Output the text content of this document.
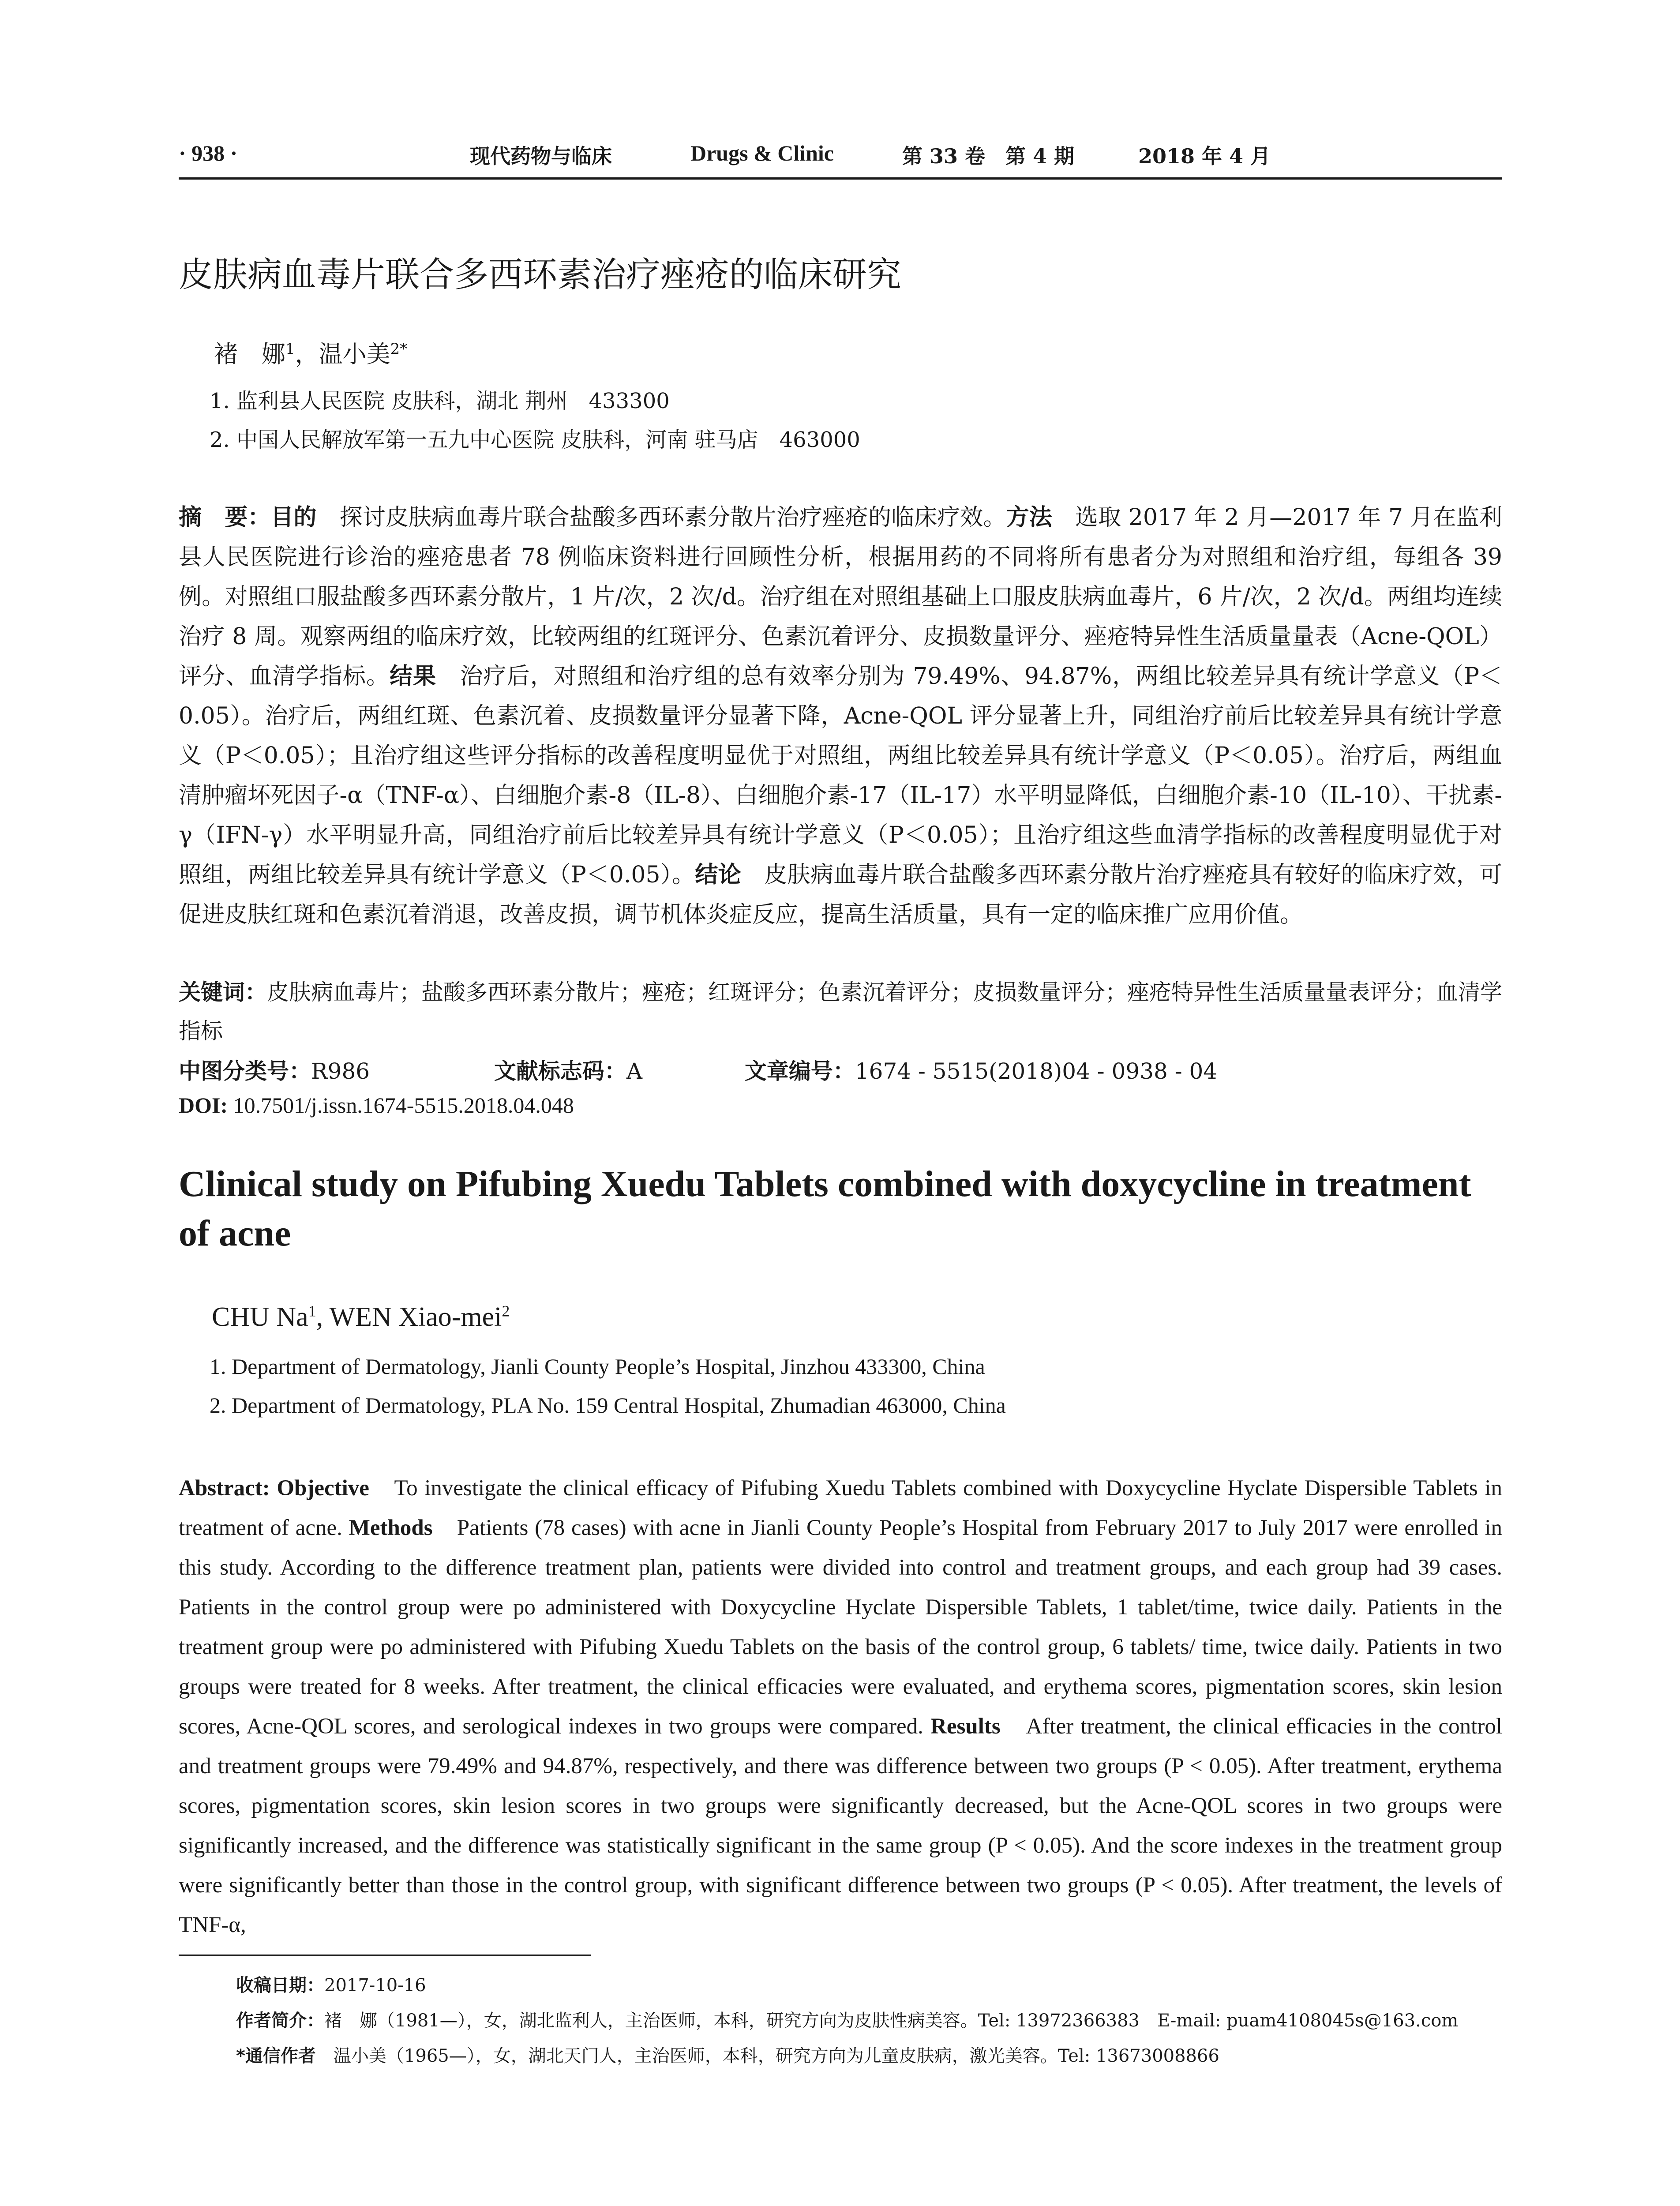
· 938 ·	现代药物与临床	Drugs & Clinic	第 33 卷　第 4 期	2018 年 4 月
皮肤病血毒片联合多西环素治疗痤疮的临床研究
褚　娜$^1$，温小美$^{2*}$
1. 监利县人民医院 皮肤科，湖北 荆州　433300
2. 中国人民解放军第一五九中心医院 皮肤科，河南 驻马店　463000
摘　要：目的　探讨皮肤病血毒片联合盐酸多西环素分散片治疗痤疮的临床疗效。方法　选取 2017 年 2 月—2017 年 7 月在监利县人民医院进行诊治的痤疮患者 78 例临床资料进行回顾性分析，根据用药的不同将所有患者分为对照组和治疗组，每组各 39 例。对照组口服盐酸多西环素分散片，1 片/次，2 次/d。治疗组在对照组基础上口服皮肤病血毒片，6 片/次，2 次/d。两组均连续治疗 8 周。观察两组的临床疗效，比较两组的红斑评分、色素沉着评分、皮损数量评分、痤疮特异性生活质量量表（Acne-QOL）评分、血清学指标。结果　治疗后，对照组和治疗组的总有效率分别为 79.49%、94.87%，两组比较差异具有统计学意义（P＜0.05）。治疗后，两组红斑、色素沉着、皮损数量评分显著下降，Acne-QOL 评分显著上升，同组治疗前后比较差异具有统计学意义（P＜0.05）；且治疗组这些评分指标的改善程度明显优于对照组，两组比较差异具有统计学意义（P＜0.05）。治疗后，两组血清肿瘤坏死因子-α（TNF-α）、白细胞介素-8（IL-8）、白细胞介素-17（IL-17）水平明显降低，白细胞介素-10（IL-10）、干扰素-γ（IFN-γ）水平明显升高，同组治疗前后比较差异具有统计学意义（P＜0.05）；且治疗组这些血清学指标的改善程度明显优于对照组，两组比较差异具有统计学意义（P＜0.05）。结论　皮肤病血毒片联合盐酸多西环素分散片治疗痤疮具有较好的临床疗效，可促进皮肤红斑和色素沉着消退，改善皮损，调节机体炎症反应，提高生活质量，具有一定的临床推广应用价值。
关键词：皮肤病血毒片；盐酸多西环素分散片；痤疮；红斑评分；色素沉着评分；皮损数量评分；痤疮特异性生活质量量表评分；血清学指标
中图分类号：R986	文献标志码：A	文章编号：1674 - 5515(2018)04 - 0938 - 04
DOI: 10.7501/j.issn.1674-5515.2018.04.048
Clinical study on Pifubing Xuedu Tablets combined with doxycycline in treatment of acne
CHU Na$^1$, WEN Xiao-mei$^2$
1. Department of Dermatology, Jianli County People’s Hospital, Jinzhou 433300, China
2. Department of Dermatology, PLA No. 159 Central Hospital, Zhumadian 463000, China
Abstract: Objective　To investigate the clinical efficacy of Pifubing Xuedu Tablets combined with Doxycycline Hyclate Dispersible Tablets in treatment of acne. Methods　Patients (78 cases) with acne in Jianli County People’s Hospital from February 2017 to July 2017 were enrolled in this study. According to the difference treatment plan, patients were divided into control and treatment groups, and each group had 39 cases. Patients in the control group were po administered with Doxycycline Hyclate Dispersible Tablets, 1 tablet/time, twice daily. Patients in the treatment group were po administered with Pifubing Xuedu Tablets on the basis of the control group, 6 tablets/ time, twice daily. Patients in two groups were treated for 8 weeks. After treatment, the clinical efficacies were evaluated, and erythema scores, pigmentation scores, skin lesion scores, Acne-QOL scores, and serological indexes in two groups were compared. Results　After treatment, the clinical efficacies in the control and treatment groups were 79.49% and 94.87%, respectively, and there was difference between two groups (P < 0.05). After treatment, erythema scores, pigmentation scores, skin lesion scores in two groups were significantly decreased, but the Acne-QOL scores in two groups were significantly increased, and the difference was statistically significant in the same group (P < 0.05). And the score indexes in the treatment group were significantly better than those in the control group, with significant difference between two groups (P < 0.05). After treatment, the levels of TNF-α,
收稿日期：2017-10-16
作者简介：褚　娜（1981—），女，湖北监利人，主治医师，本科，研究方向为皮肤性病美容。Tel: 13972366383　E-mail: puam4108045s@163.com
*通信作者　温小美（1965—），女，湖北天门人，主治医师，本科，研究方向为儿童皮肤病，激光美容。Tel: 13673008866
